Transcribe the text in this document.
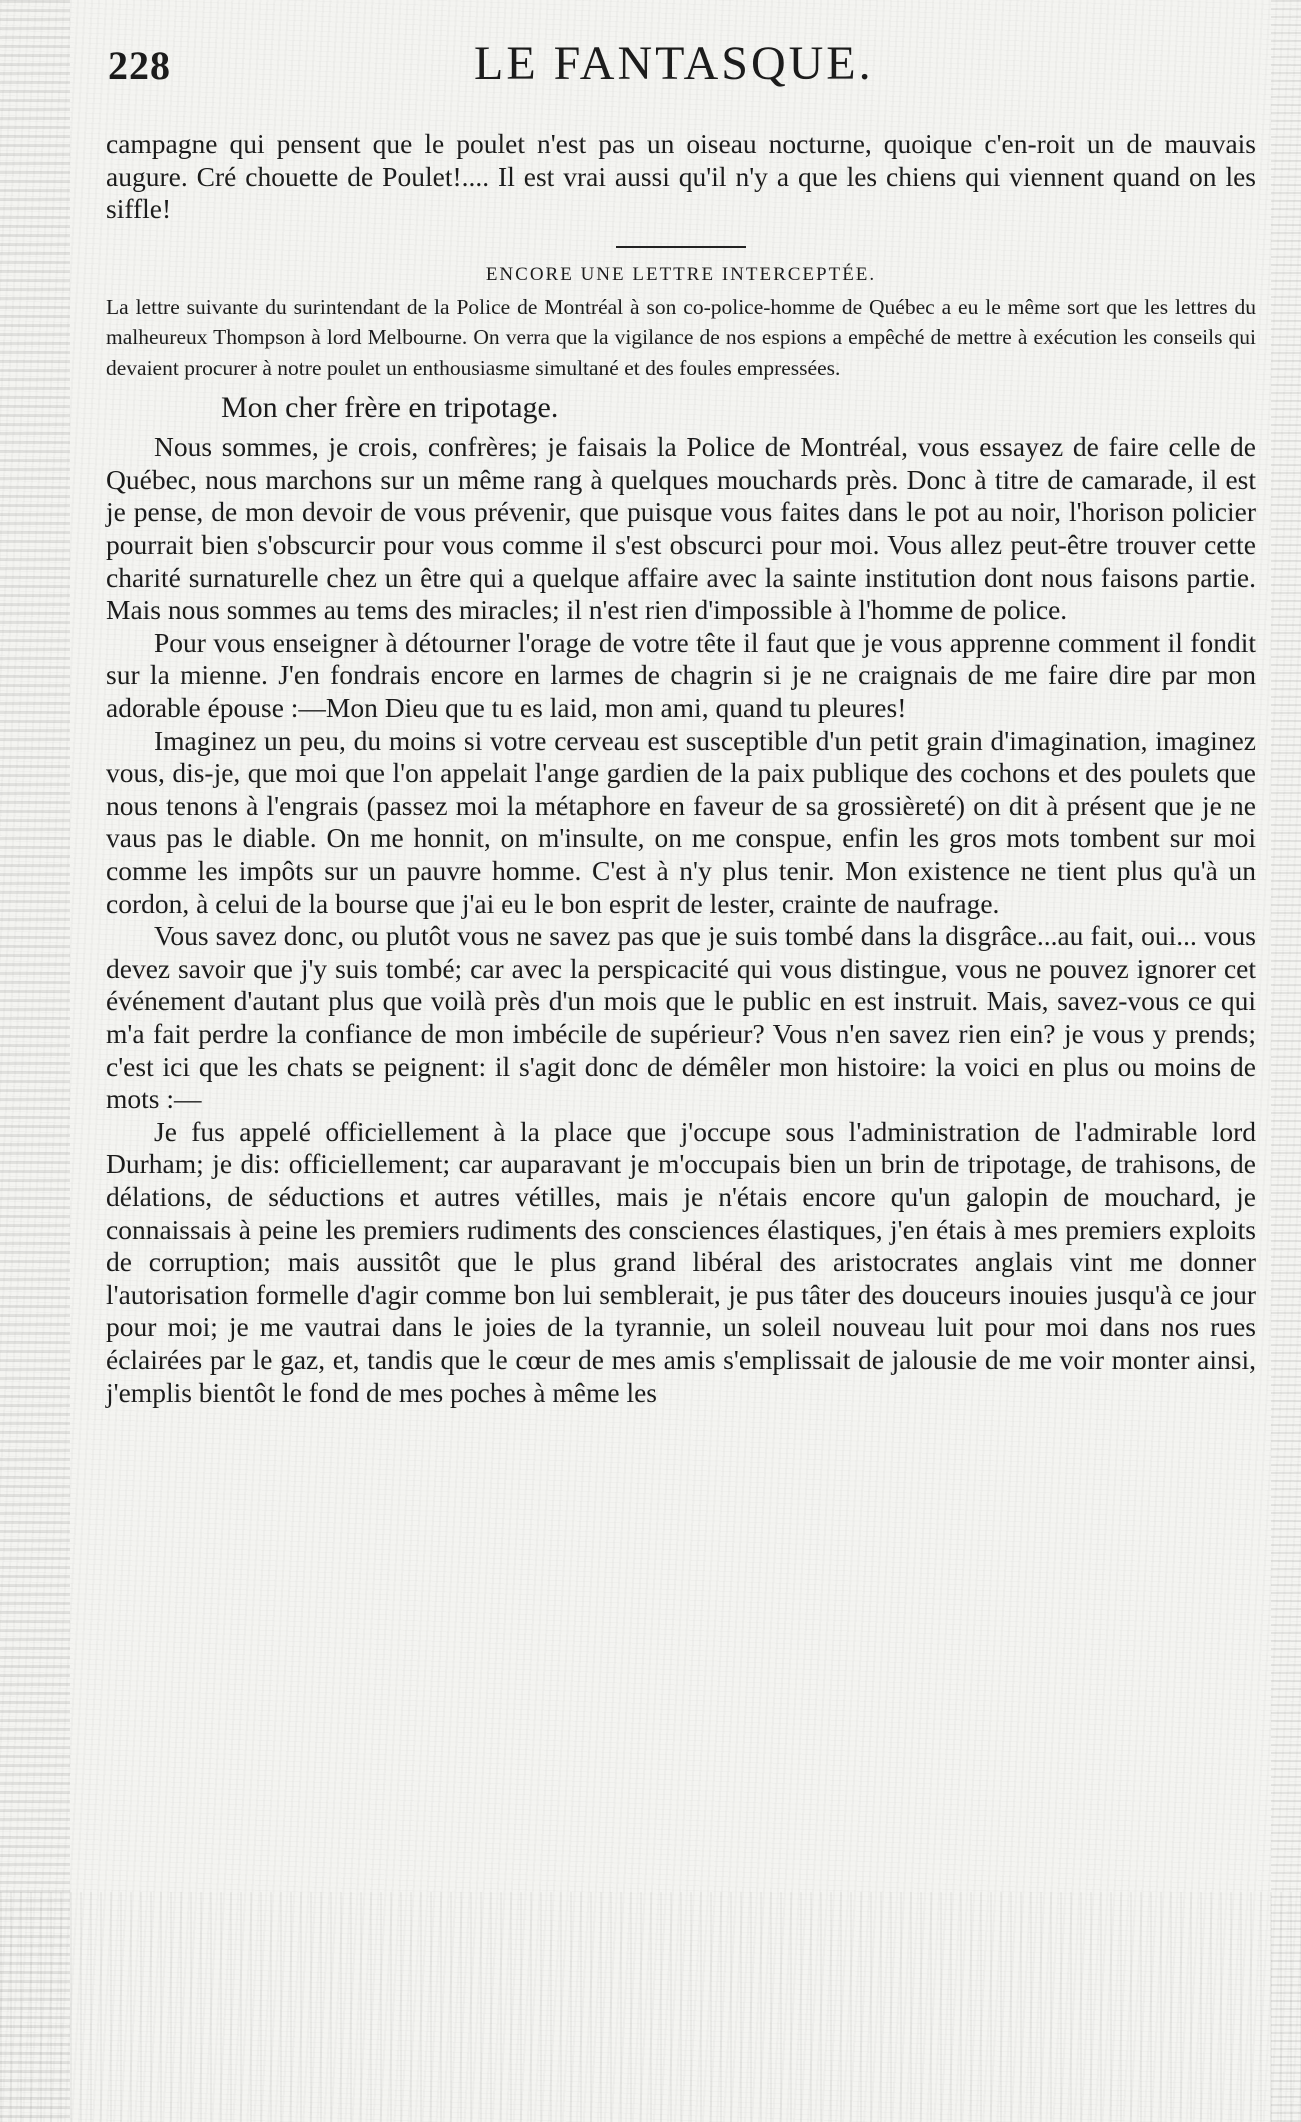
228	LE FANTASQUE.

campagne qui pensent que le poulet n'est pas un oiseau nocturne, quoique c'en-roit un de mauvais augure. Cré chouette de Poulet!.... Il est vrai aussi qu'il n'y a que les chiens qui viennent quand on les siffle!

ENCORE UNE LETTRE INTERCEPTÉE.

La lettre suivante du surintendant de la Police de Montréal à son co-police-homme de Québec a eu le même sort que les lettres du malheureux Thompson à lord Melbourne. On verra que la vigilance de nos espions a empêché de mettre à exécution les conseils qui devaient procurer à notre poulet un enthousiasme simultané et des foules empressées.

Mon cher frère en tripotage.

Nous sommes, je crois, confrères; je faisais la Police de Montréal, vous essayez de faire celle de Québec, nous marchons sur un même rang à quelques mouchards près. Donc à titre de camarade, il est je pense, de mon devoir de vous prévenir, que puisque vous faites dans le pot au noir, l'horison policier pourrait bien s'obscurcir pour vous comme il s'est obscurci pour moi. Vous allez peut-être trouver cette charité surnaturelle chez un être qui a quelque affaire avec la sainte institution dont nous faisons partie. Mais nous sommes au tems des miracles; il n'est rien d'impossible à l'homme de police.

Pour vous enseigner à détourner l'orage de votre tête il faut que je vous apprenne comment il fondit sur la mienne. J'en fondrais encore en larmes de chagrin si je ne craignais de me faire dire par mon adorable épouse :—Mon Dieu que tu es laid, mon ami, quand tu pleures!

Imaginez un peu, du moins si votre cerveau est susceptible d'un petit grain d'imagination, imaginez vous, dis-je, que moi que l'on appelait l'ange gardien de la paix publique des cochons et des poulets que nous tenons à l'engrais (passez moi la métaphore en faveur de sa grossièreté) on dit à présent que je ne vaus pas le diable. On me honnit, on m'insulte, on me conspue, enfin les gros mots tombent sur moi comme les impôts sur un pauvre homme. C'est à n'y plus tenir. Mon existence ne tient plus qu'à un cordon, à celui de la bourse que j'ai eu le bon esprit de lester, crainte de naufrage.

Vous savez donc, ou plutôt vous ne savez pas que je suis tombé dans la disgrâce...au fait, oui... vous devez savoir que j'y suis tombé; car avec la perspicacité qui vous distingue, vous ne pouvez ignorer cet événement d'autant plus que voilà près d'un mois que le public en est instruit. Mais, savez-vous ce qui m'a fait perdre la confiance de mon imbécile de supérieur? Vous n'en savez rien ein? je vous y prends; c'est ici que les chats se peignent: il s'agit donc de démêler mon histoire: la voici en plus ou moins de mots :—

Je fus appelé officiellement à la place que j'occupe sous l'administration de l'admirable lord Durham; je dis: officiellement; car auparavant je m'occupais bien un brin de tripotage, de trahisons, de délations, de séductions et autres vétilles, mais je n'étais encore qu'un galopin de mouchard, je connaissais à peine les premiers rudiments des consciences élastiques, j'en étais à mes premiers exploits de corruption; mais aussitôt que le plus grand libéral des aristocrates anglais vint me donner l'autorisation formelle d'agir comme bon lui semblerait, je pus tâter des douceurs inouies jusqu'à ce jour pour moi; je me vautrai dans le joies de la tyrannie, un soleil nouveau luit pour moi dans nos rues éclairées par le gaz, et, tandis que le cœur de mes amis s'emplissait de jalousie de me voir monter ainsi, j'emplis bientôt le fond de mes poches à même les
